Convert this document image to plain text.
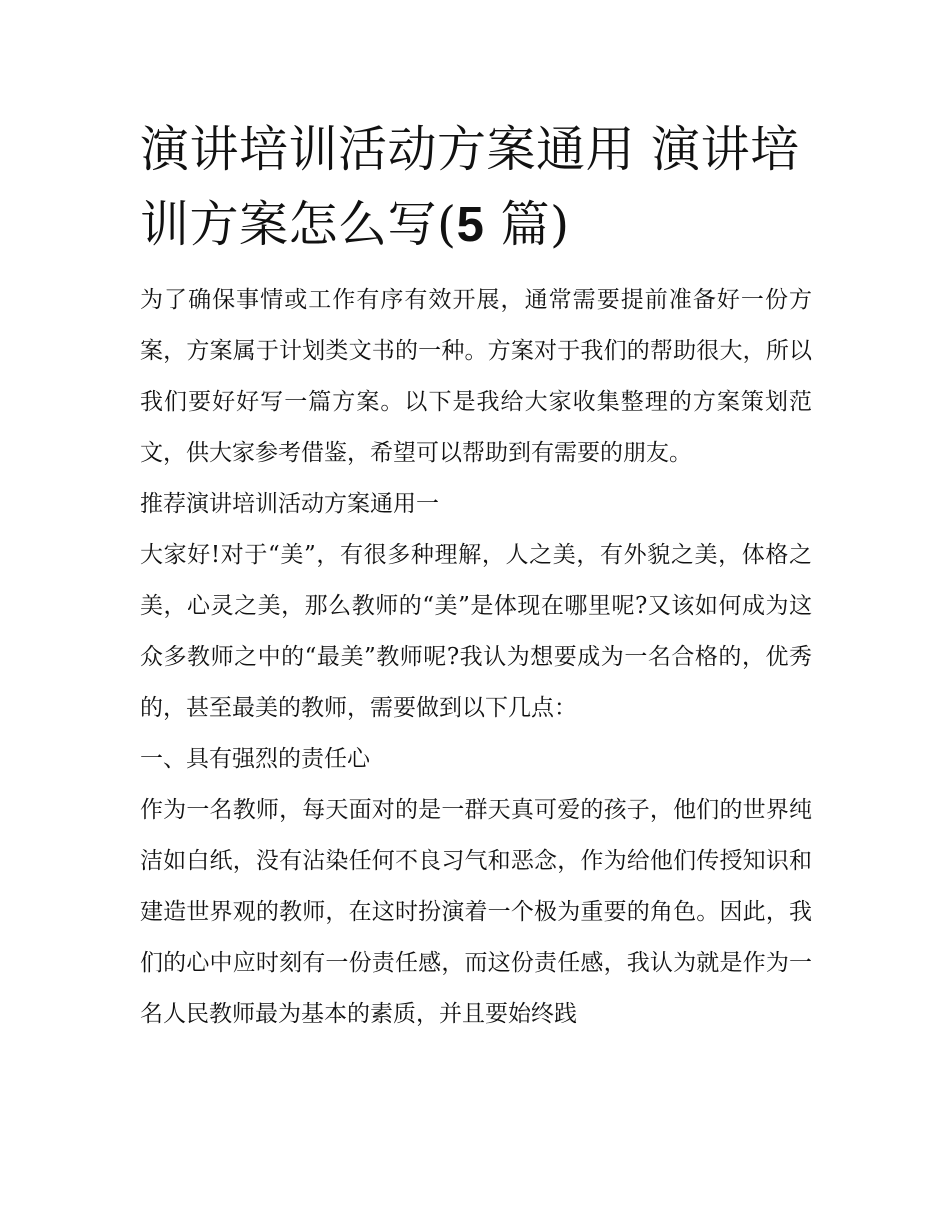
演讲培训活动方案通用 演讲培训方案怎么写(5 篇)

为了确保事情或工作有序有效开展，通常需要提前准备好一份方案，方案属于计划类文书的一种。方案对于我们的帮助很大，所以我们要好好写一篇方案。以下是我给大家收集整理的方案策划范文，供大家参考借鉴，希望可以帮助到有需要的朋友。

推荐演讲培训活动方案通用一

大家好!对于“美”，有很多种理解，人之美，有外貌之美，体格之美，心灵之美，那么教师的“美”是体现在哪里呢?又该如何成为这众多教师之中的“最美”教师呢?我认为想要成为一名合格的，优秀的，甚至最美的教师，需要做到以下几点：

一、具有强烈的责任心

作为一名教师，每天面对的是一群天真可爱的孩子，他们的世界纯洁如白纸，没有沾染任何不良习气和恶念，作为给他们传授知识和建造世界观的教师，在这时扮演着一个极为重要的角色。因此，我们的心中应时刻有一份责任感，而这份责任感，我认为就是作为一名人民教师最为基本的素质，并且要始终践
